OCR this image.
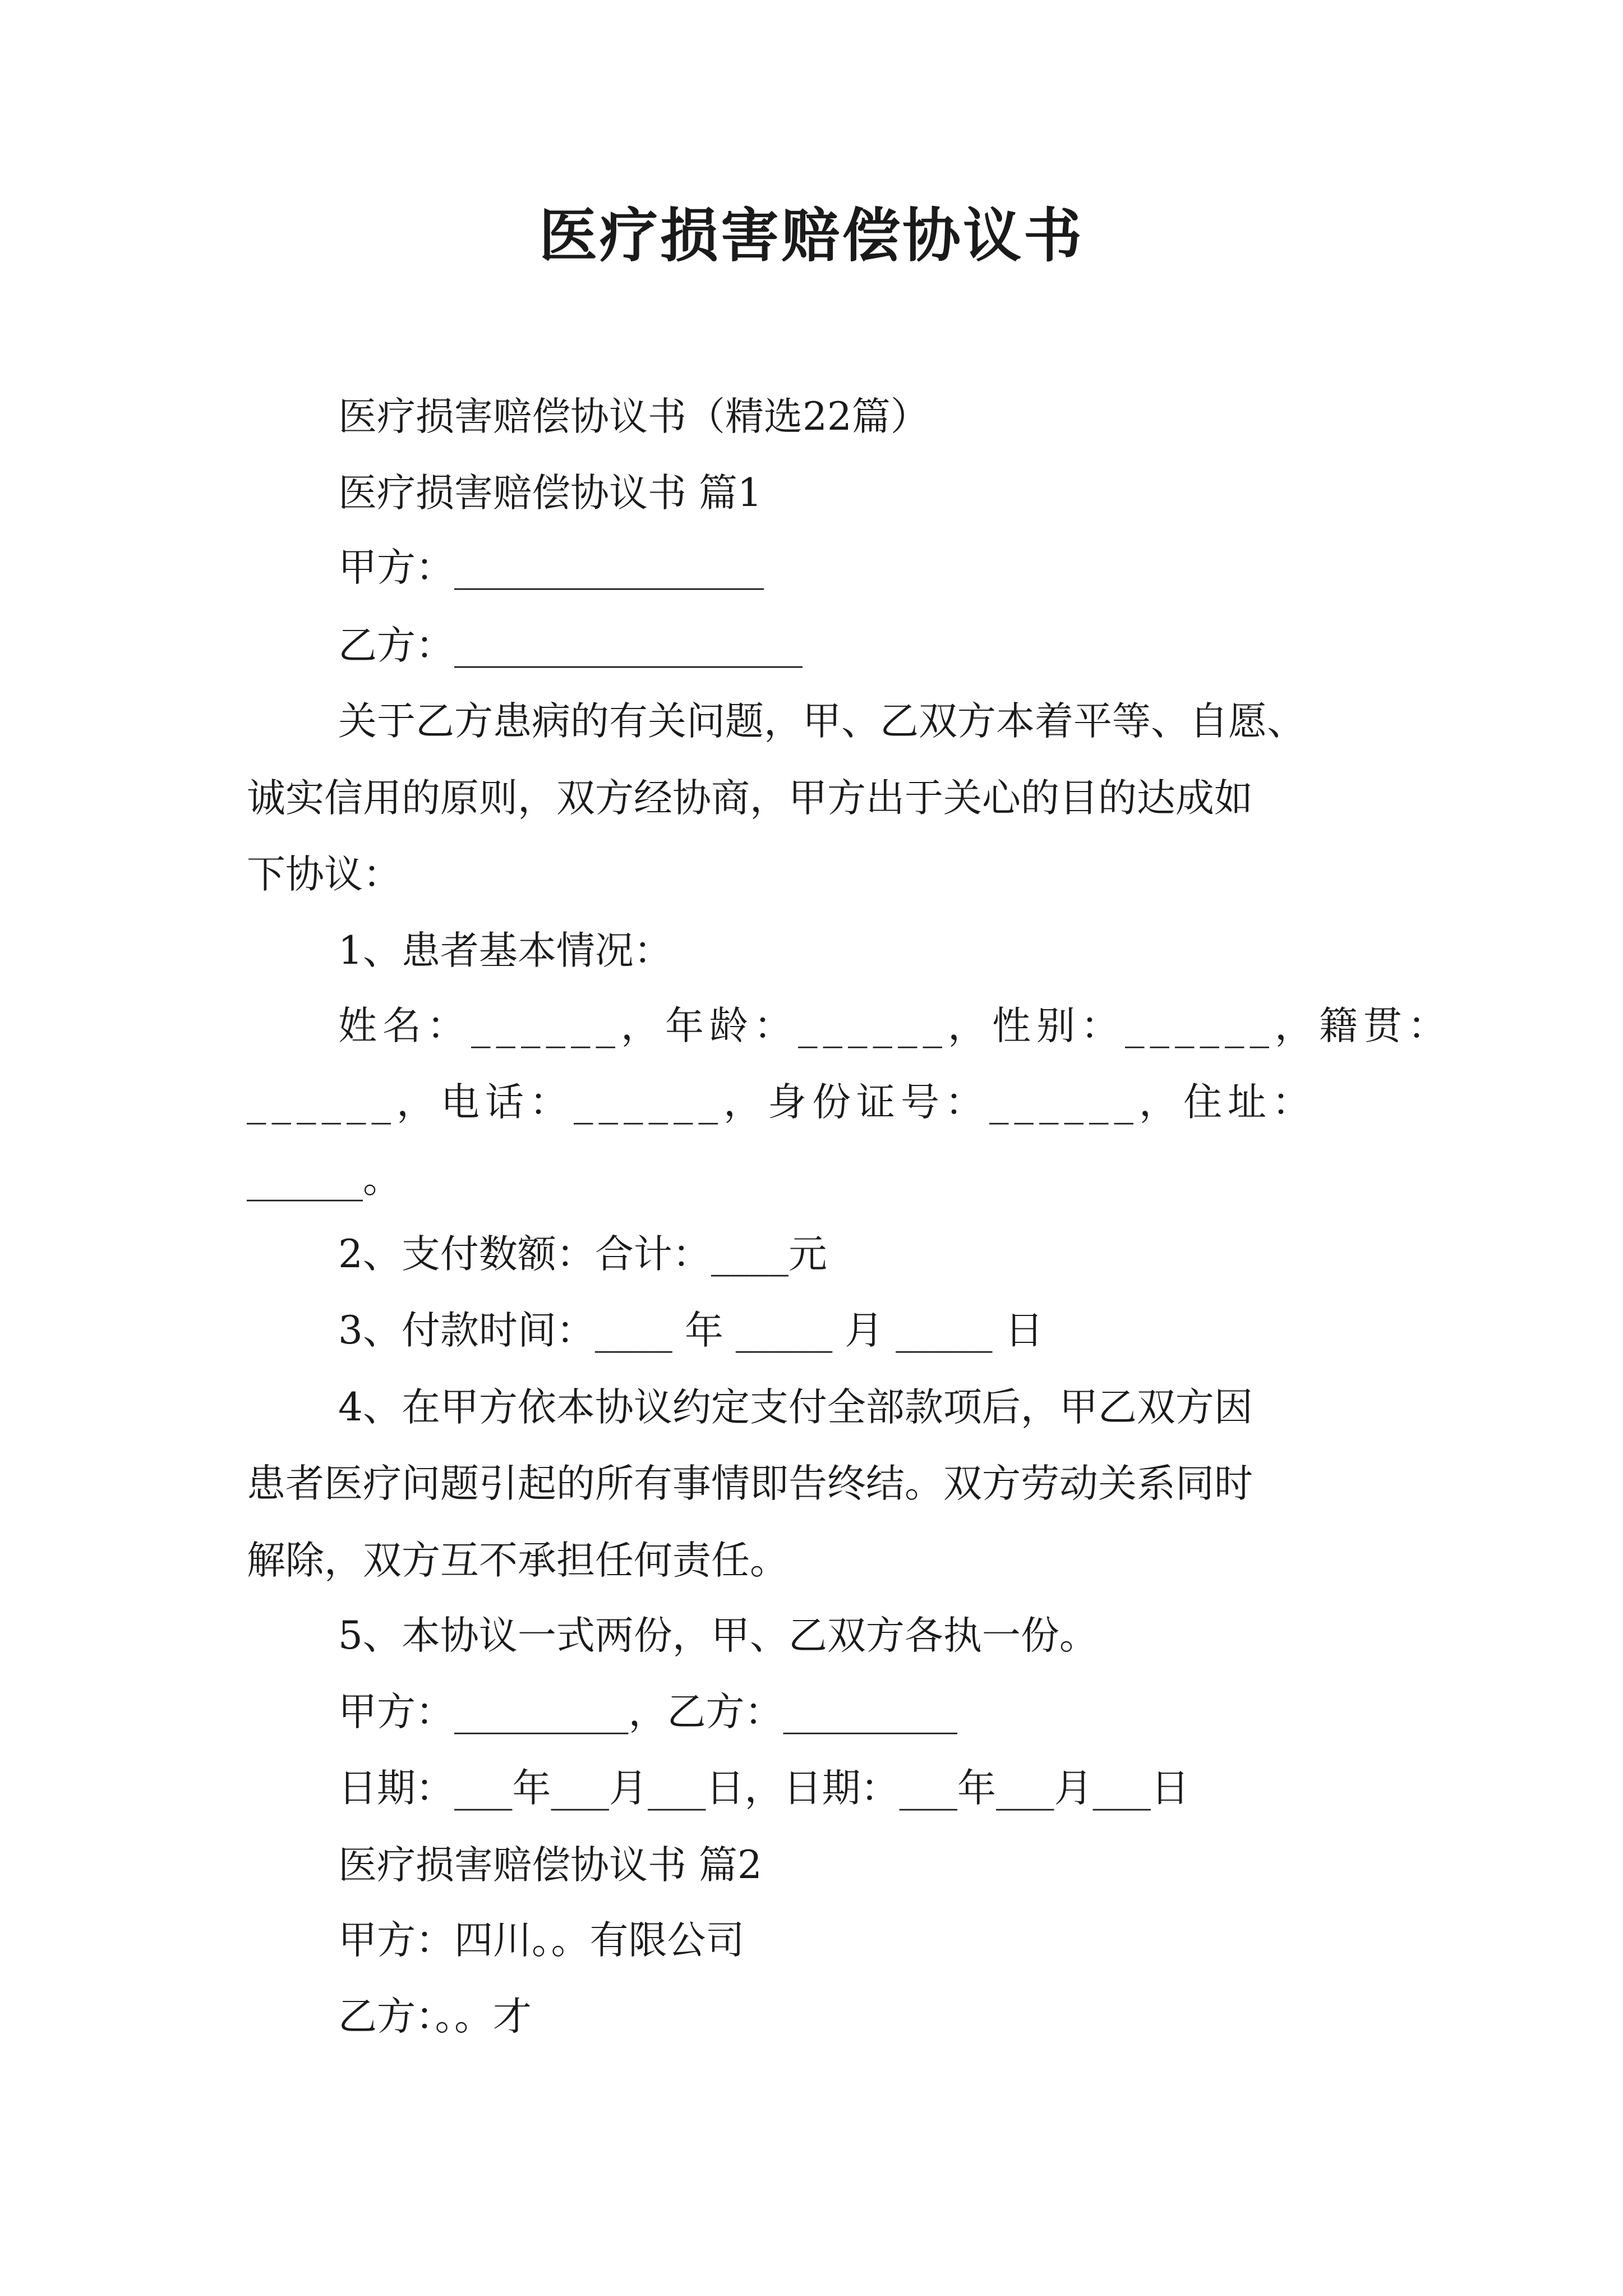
医疗损害赔偿协议书
医疗损害赔偿协议书（精选22篇）
医疗损害赔偿协议书 篇1
甲方：________________
乙方：__________________
关于乙方患病的有关问题，甲、乙双方本着平等、自愿、
诚实信用的原则，双方经协商，甲方出于关心的目的达成如
下协议：
1、患者基本情况：
姓名：______，年龄：______，性别：______，籍贯：
______，电话：______，身份证号：______，住址：
______。
2、支付数额：合计：____元
3、付款时间：____ 年 _____ 月 _____ 日
4、在甲方依本协议约定支付全部款项后，甲乙双方因
患者医疗问题引起的所有事情即告终结。双方劳动关系同时
解除，双方互不承担任何责任。
5、本协议一式两份，甲、乙双方各执一份。
甲方：_________，乙方：_________
日期：___年___月___日，日期：___年___月___日
医疗损害赔偿协议书 篇2
甲方：四川。。有限公司
乙方：。。才
